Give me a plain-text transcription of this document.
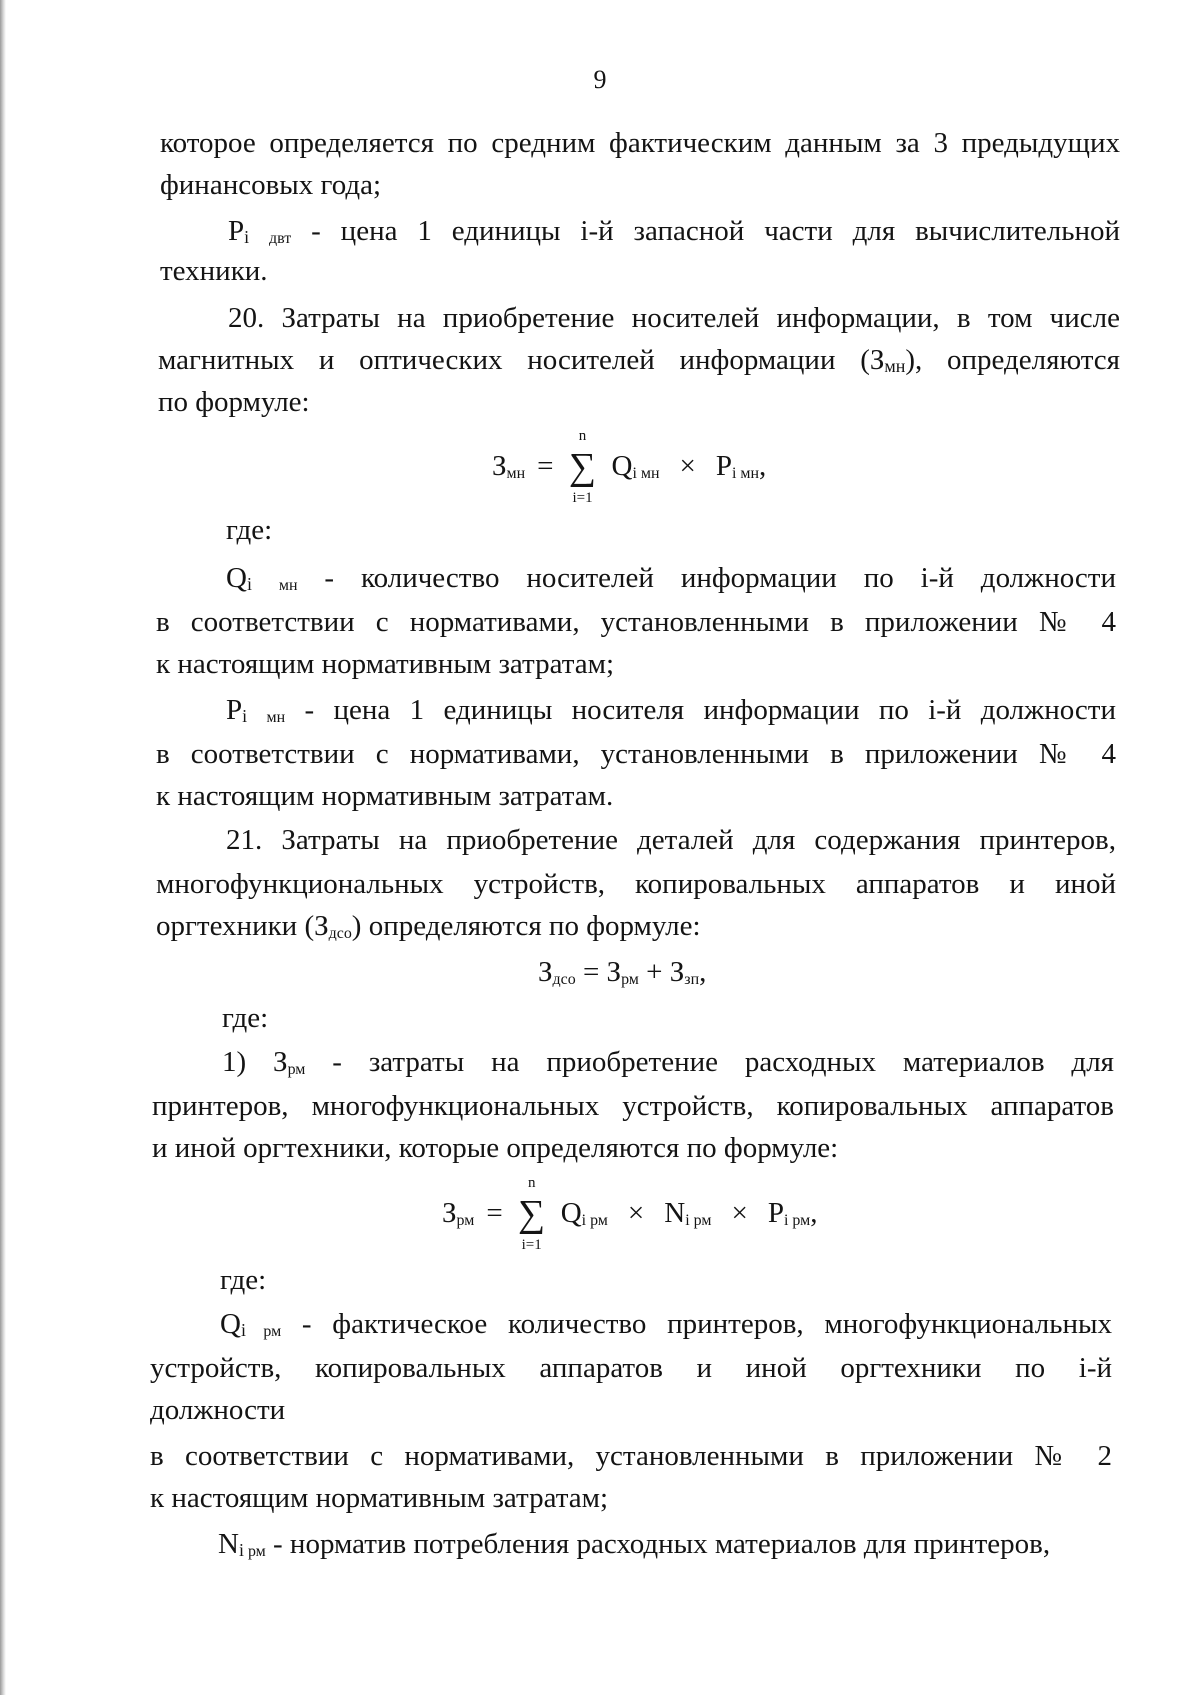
9
которое определяется по средним фактическим данным за 3 предыдущих
финансовых года;
Pi двт - цена 1 единицы i-й запасной части для вычислительной
техники.
20. Затраты на приобретение носителей информации, в том числе
магнитных и оптических носителей информации (Змн), определяются
по формуле:
Змн =
n
∑
i=1
Qi мн × Pi мн,
где:
Qi мн - количество носителей информации по i-й должности
в соответствии с нормативами, установленными в приложении № 4
к настоящим нормативным затратам;
Pi мн - цена 1 единицы носителя информации по i-й должности
в соответствии с нормативами, установленными в приложении № 4
к настоящим нормативным затратам.
21. Затраты на приобретение деталей для содержания принтеров,
многофункциональных устройств, копировальных аппаратов и иной
оргтехники (Здсо) определяются по формуле:
Здсо = Зрм + Ззп,
где:
1) Зрм - затраты на приобретение расходных материалов для
принтеров, многофункциональных устройств, копировальных аппаратов
и иной оргтехники, которые определяются по формуле:
Зрм =
n
∑
i=1
Qi рм × Ni рм × Pi рм,
где:
Qi рм - фактическое количество принтеров, многофункциональных
устройств, копировальных аппаратов и иной оргтехники по i-й
должности
в соответствии с нормативами, установленными в приложении № 2
к настоящим нормативным затратам;
Ni рм - норматив потребления расходных материалов для принтеров,
